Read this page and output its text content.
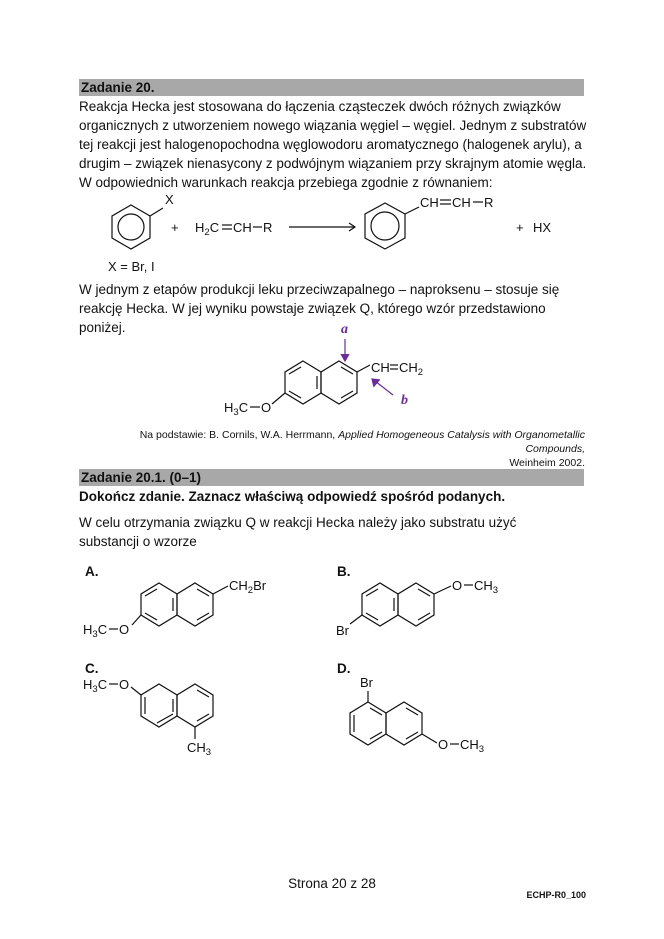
Zadanie 20.
Reakcja Hecka jest stosowana do łączenia cząsteczek dwóch różnych związków organicznych z utworzeniem nowego wiązania węgiel – węgiel. Jednym z substratów tej reakcji jest halogenopochodna węglowodoru aromatycznego (halogenek arylu), a drugim – związek nienasycony z podwójnym wiązaniem przy skrajnym atomie węgla. W odpowiednich warunkach reakcja przebiega zgodnie z równaniem:
X
+ $H_2C$ CH R
CH CH R
+ HX
X = Br, I
W jednym z etapów produkcji leku przeciwzapalnego – naproksenu – stosuje się reakcję Hecka. W jej wyniku powstaje związek Q, którego wzór przedstawiono poniżej.	a
CH $CH_2$
b
O
$H_3C$
Na podstawie: B. Cornils, W.A. Herrmann, Applied Homogeneous Catalysis with Organometallic Compounds,
Weinheim 2002.
Zadanie 20.1. (0–1)
Dokończ zdanie. Zaznacz właściwą odpowiedź spośród podanych.
W celu otrzymania związku Q w reakcji Hecka należy jako substratu użyć substancji o wzorze
A.
$CH_2Br$
O
$H_3C$
B.
O $CH_3$
Br
C.
$H_3C$ O
$CH_3$
D.
Br
O $CH_3$
Strona 20 z 28
ECHP-R0_100
